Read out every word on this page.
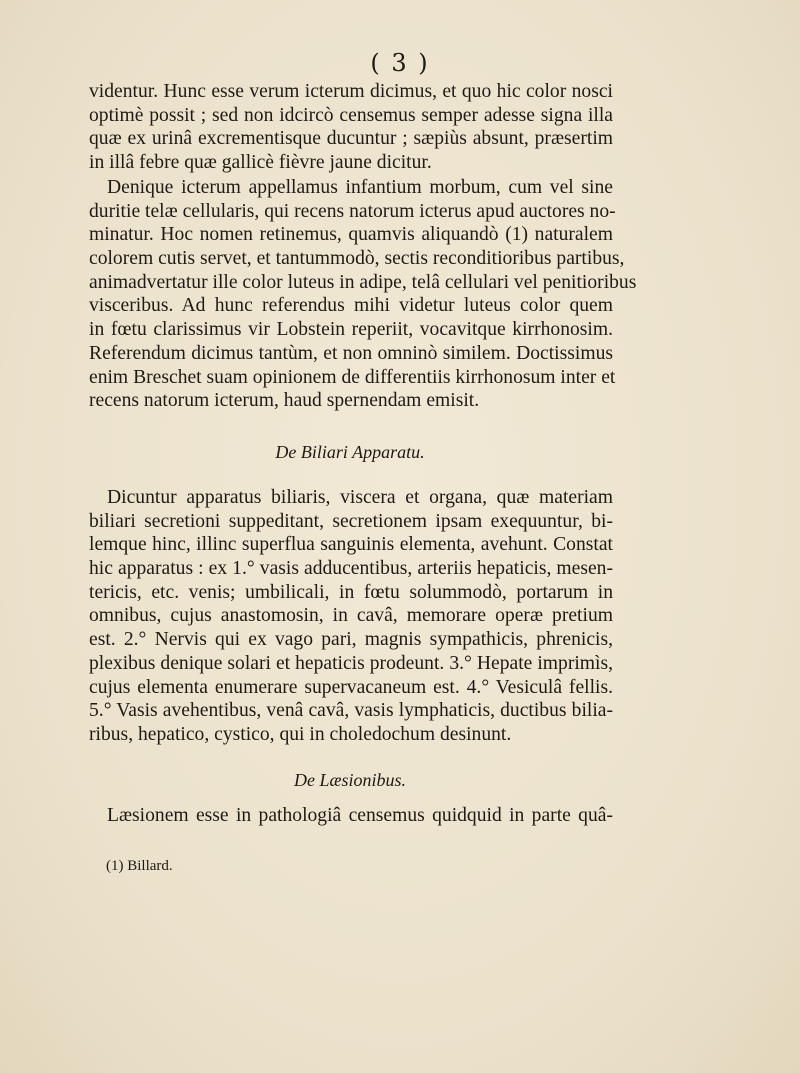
( 3 )
videntur. Hunc esse verum icterum dicimus, et quo hic color nosci
optimè possit ; sed non idcircò censemus semper adesse signa illa
quæ ex urinâ excrementisque ducuntur ; sæpiùs absunt, præsertim
in illâ febre quæ gallicè fièvre jaune dicitur.
Denique icterum appellamus infantium morbum, cum vel sine
duritie telæ cellularis, qui recens natorum icterus apud auctores no-
minatur. Hoc nomen retinemus, quamvis aliquandò (1) naturalem
colorem cutis servet, et tantummodò, sectis reconditioribus partibus,
animadvertatur ille color luteus in adipe, telâ cellulari vel penitioribus
visceribus. Ad hunc referendus mihi videtur luteus color quem
in fœtu clarissimus vir Lobstein reperiit, vocavitque kirrhonosim.
Referendum dicimus tantùm, et non omninò similem. Doctissimus
enim Breschet suam opinionem de differentiis kirrhonosum inter et
recens natorum icterum, haud spernendam emisit.
De Biliari Apparatu.
Dicuntur apparatus biliaris, viscera et organa, quæ materiam
biliari secretioni suppeditant, secretionem ipsam exequuntur, bi-
lemque hinc, illinc superflua sanguinis elementa, avehunt. Constat
hic apparatus : ex 1.° vasis adducentibus, arteriis hepaticis, mesen-
tericis, etc. venis; umbilicali, in fœtu solummodò, portarum in
omnibus, cujus anastomosin, in cavâ, memorare operæ pretium
est. 2.° Nervis qui ex vago pari, magnis sympathicis, phrenicis,
plexibus denique solari et hepaticis prodeunt. 3.° Hepate imprimìs,
cujus elementa enumerare supervacaneum est. 4.° Vesiculâ fellis.
5.° Vasis avehentibus, venâ cavâ, vasis lymphaticis, ductibus bilia-
ribus, hepatico, cystico, qui in choledochum desinunt.
De Læsionibus.
Læsionem esse in pathologiâ censemus quidquid in parte quâ-
(1) Billard.
